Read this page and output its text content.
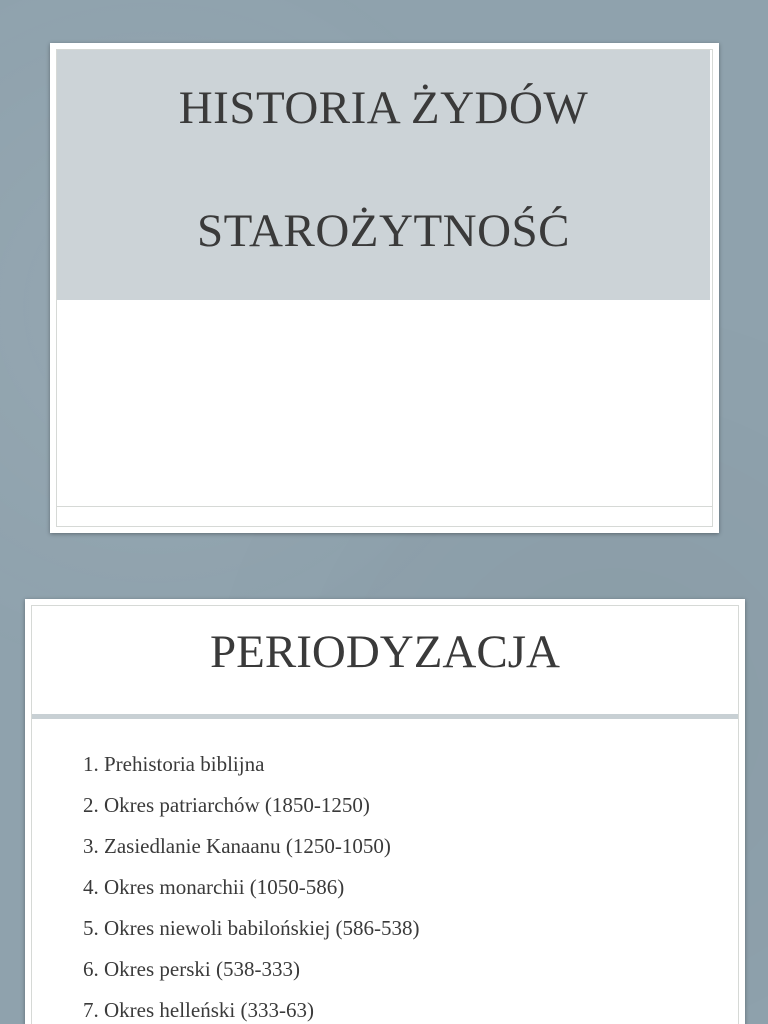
HISTORIA ŻYDÓW
STAROŻYTNOŚĆ
PERIODYZACJA
1. Prehistoria biblijna
2. Okres patriarchów (1850-1250)
3. Zasiedlanie Kanaanu (1250-1050)
4. Okres monarchii (1050-586)
5. Okres niewoli babilońskiej (586-538)
6. Okres perski (538-333)
7. Okres helleński (333-63)
